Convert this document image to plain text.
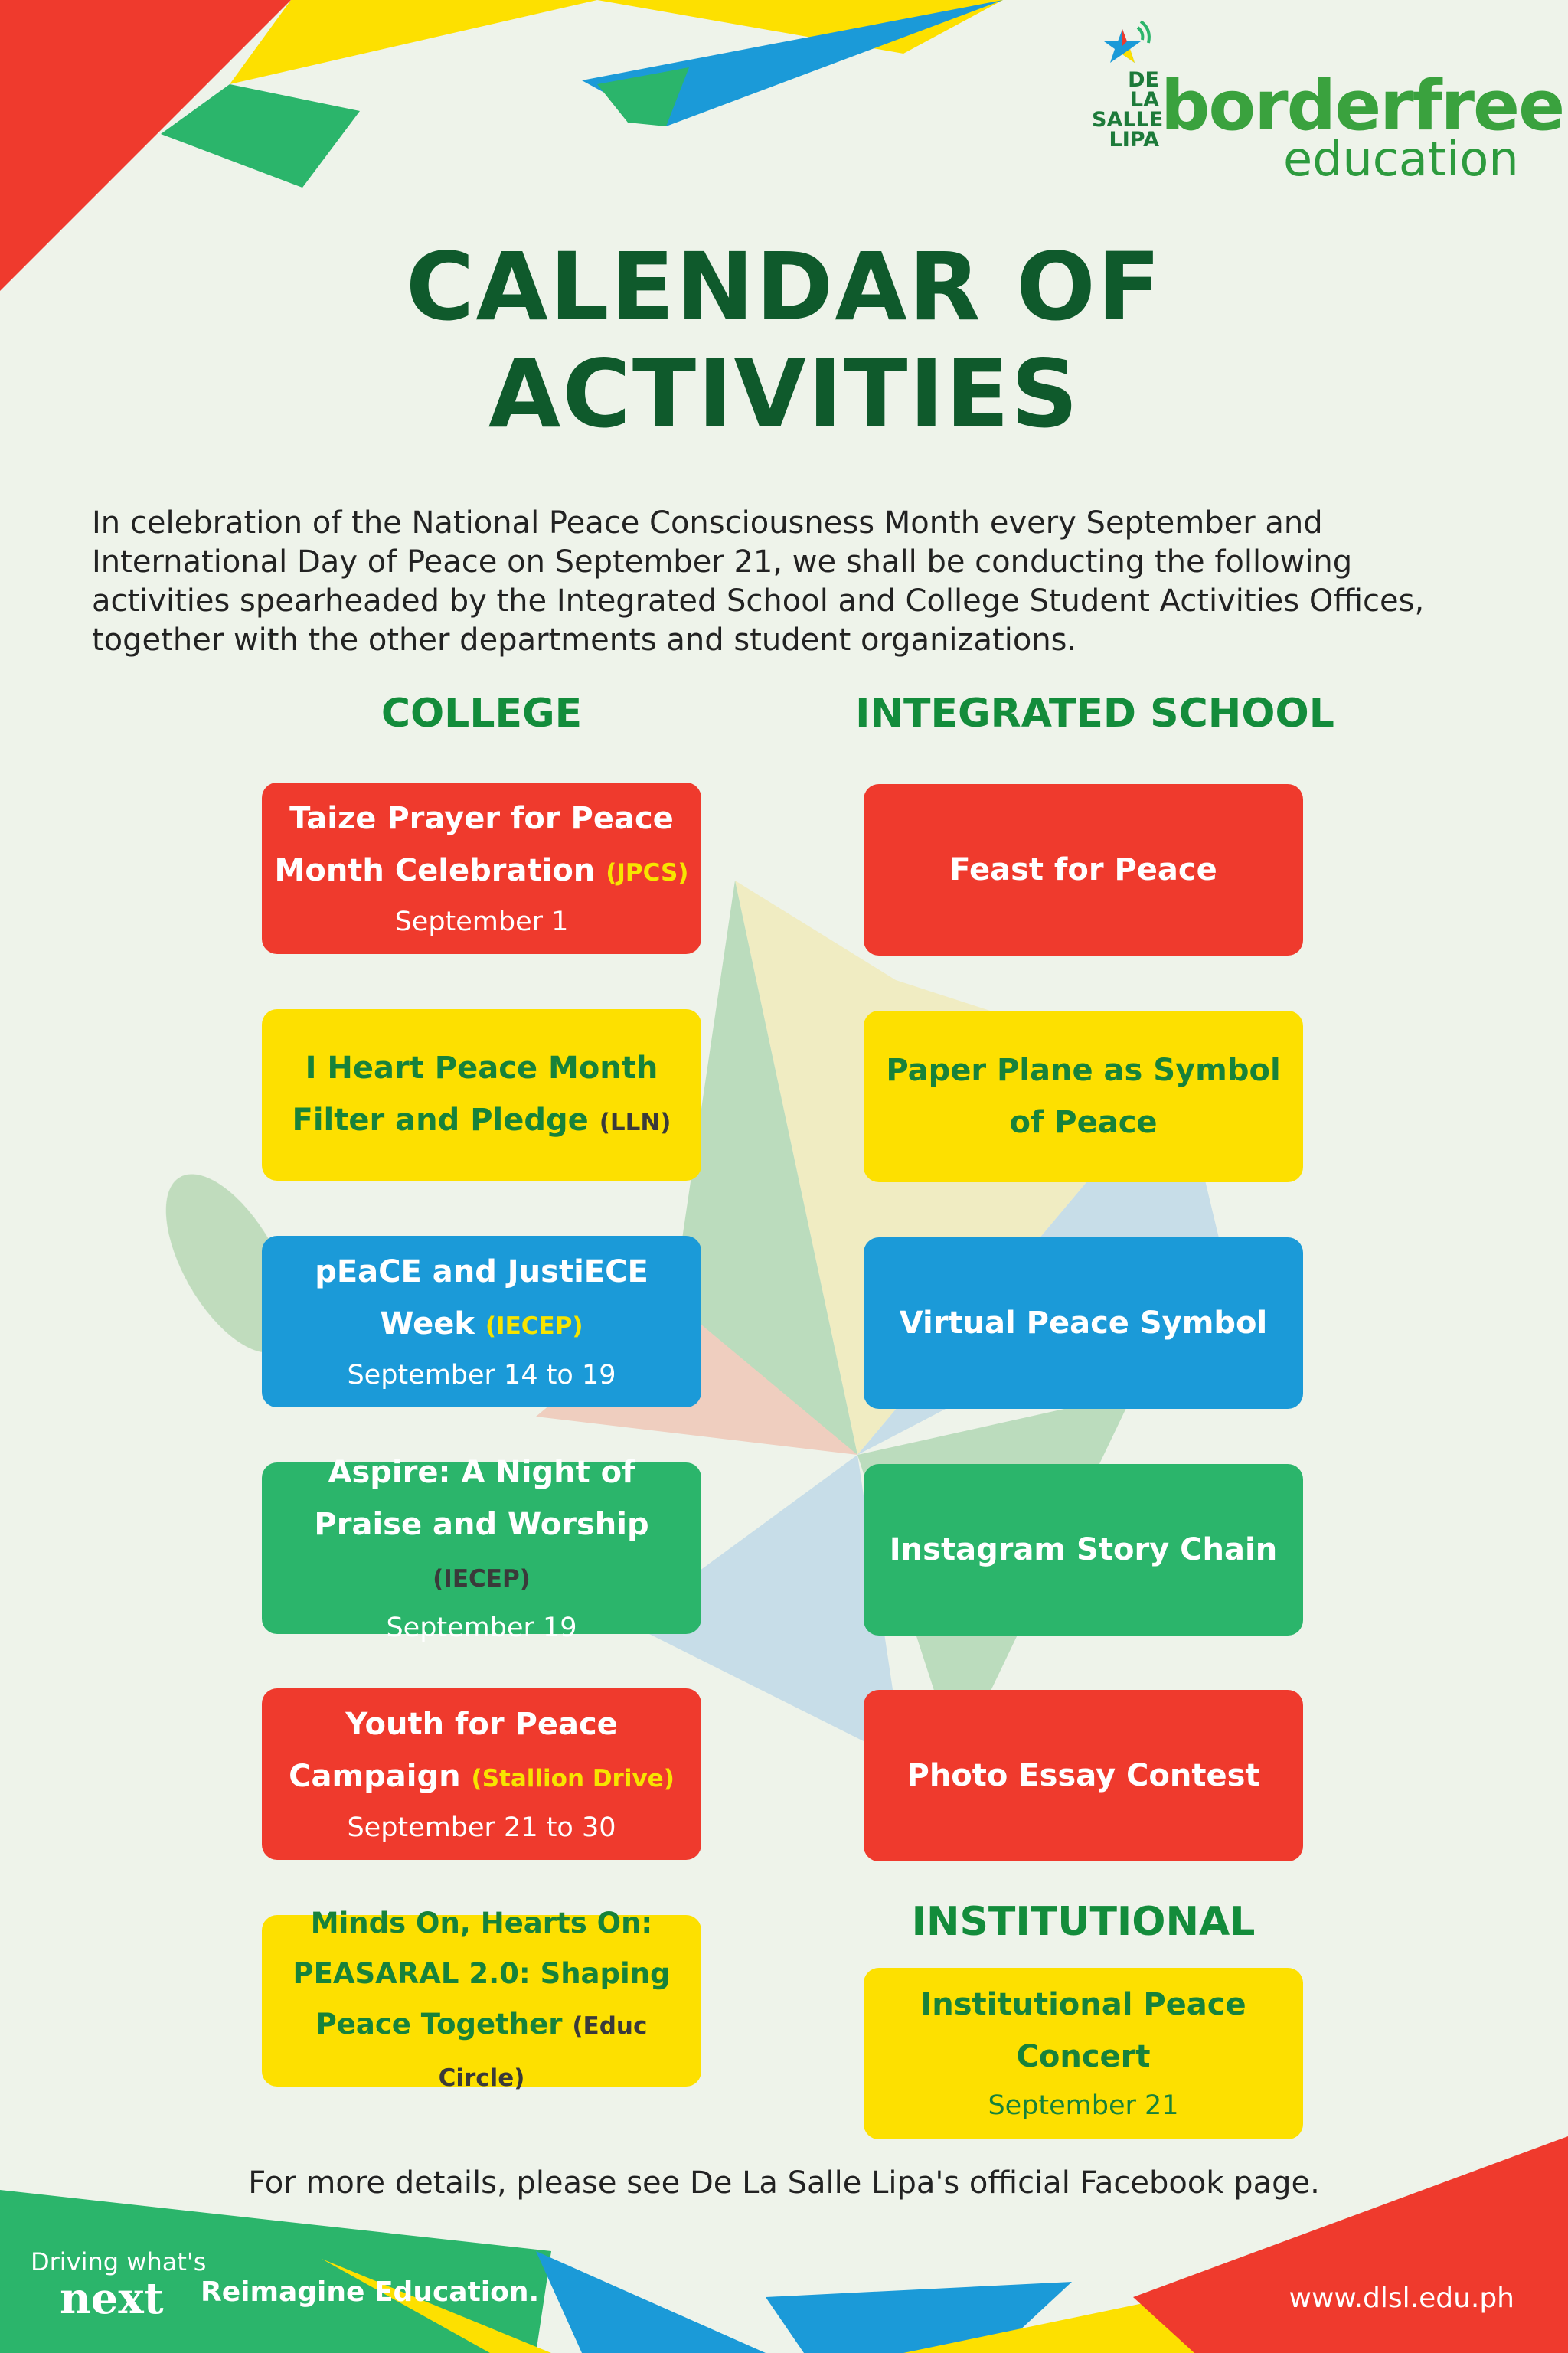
DE LA SALLE LIPA borderfree
education
CALENDAR OF
ACTIVITIES
In celebration of the National Peace Consciousness Month every September and
International Day of Peace on September 21, we shall be conducting the following
activities spearheaded by the Integrated School and College Student Activities Offices,
together with the other departments and student organizations.
COLLEGE	INTEGRATED SCHOOL
Taize Prayer for Peace Month Celebration (JPCS)
September 1
I Heart Peace Month Filter and Pledge (LLN)
pEaCE and JustiECE Week (IECEP)
September 14 to 19
Aspire: A Night of Praise and Worship (IECEP)
September 19
Youth for Peace Campaign (Stallion Drive)
September 21 to 30
Minds On, Hearts On: PEASARAL 2.0: Shaping Peace Together (Educ Circle)
Feast for Peace
Paper Plane as Symbol of Peace
Virtual Peace Symbol
Instagram Story Chain
Photo Essay Contest
INSTITUTIONAL
Institutional Peace Concert
September 21
For more details, please see De La Salle Lipa's official Facebook page.
Driving what's
next Reimagine Education.	www.dlsl.edu.ph
